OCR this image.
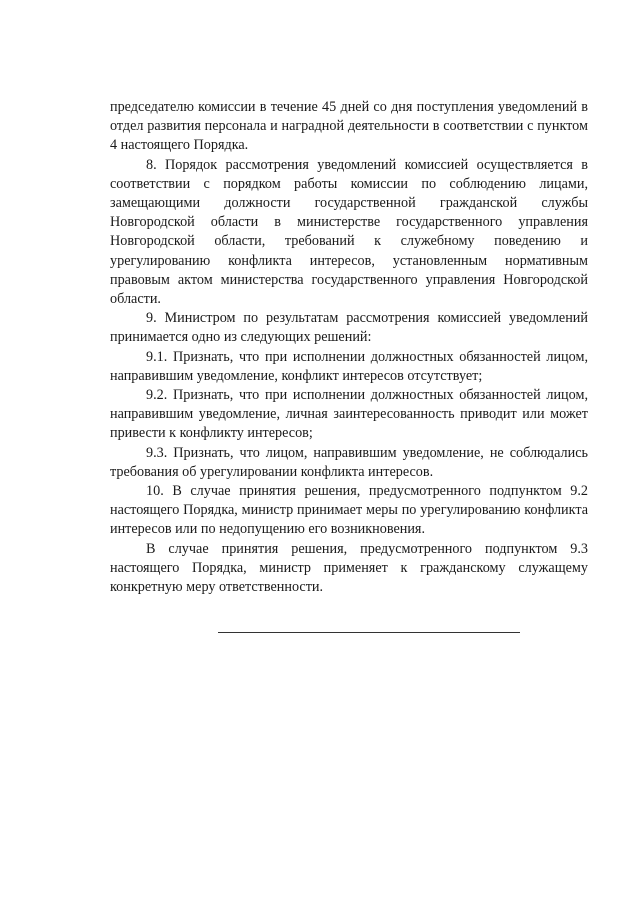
председателю комиссии в течение 45 дней со дня поступления уведомлений в отдел развития персонала и наградной деятельности в соответствии с пунктом 4 настоящего Порядка.

8. Порядок рассмотрения уведомлений комиссией осуществляется в соответствии с порядком работы комиссии по соблюдению лицами, замещающими должности государственной гражданской службы Новгородской области в министерстве государственного управления Новгородской области, требований к служебному поведению и урегулированию конфликта интересов, установленным нормативным правовым актом министерства государственного управления Новгородской области.

9. Министром по результатам рассмотрения комиссией уведомлений принимается одно из следующих решений:

9.1. Признать, что при исполнении должностных обязанностей лицом, направившим уведомление, конфликт интересов отсутствует;

9.2. Признать, что при исполнении должностных обязанностей лицом, направившим уведомление, личная заинтересованность приводит или может привести к конфликту интересов;

9.3. Признать, что лицом, направившим уведомление, не соблюдались требования об урегулировании конфликта интересов.

10. В случае принятия решения, предусмотренного подпунктом 9.2 настоящего Порядка, министр принимает меры по урегулированию конфликта интересов или по недопущению его возникновения.

В случае принятия решения, предусмотренного подпунктом 9.3 настоящего Порядка, министр применяет к гражданскому служащему конкретную меру ответственности.
